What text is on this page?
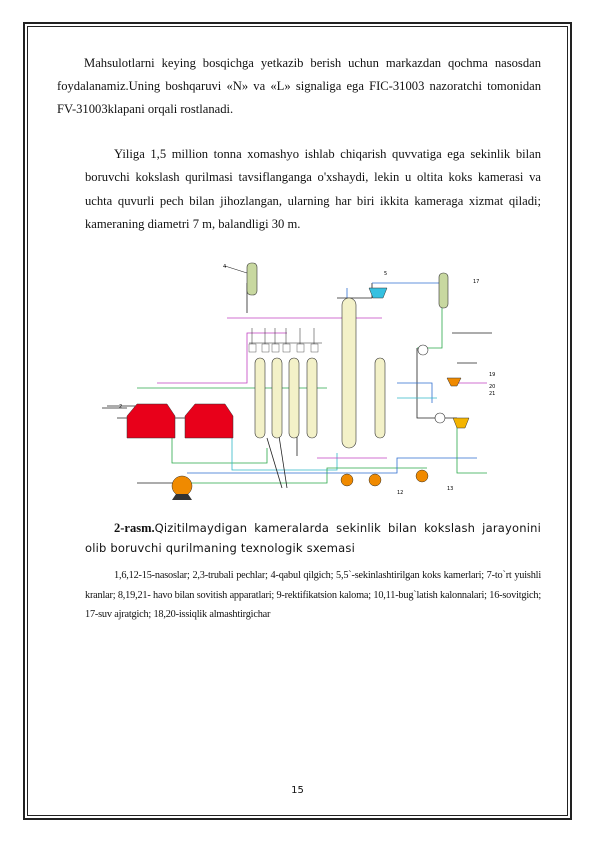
Mahsulotlarni keying bosqichga yetkazib berish uchun markazdan qochma nasosdan foydalanamiz.Uning boshqaruvi «N» va «L» signaliga ega FIC-31003 nazoratchi tomonidan FV-31003klapani orqali rostlanadi.
Yiliga 1,5 million tonna xomashyo ishlab chiqarish quvvatiga ega sekinlik bilan boruvchi kokslash qurilmasi tavsiflanganga o'xshaydi, lekin u oltita koks kamerasi va uchta quvurli pech bilan jihozlangan, ularning har biri ikkita kameraga xizmat qiladi; kameraning diametri 7 m, balandligi 30 m.
4
5
17
19
20
21
2
12
13
2-rasm.Qizitilmaydigan kameralarda sekinlik bilan kokslash jarayonini olib boruvchi qurilmaning texnologik sxemasi
1,6,12-15-nasoslar; 2,3-trubali pechlar; 4-qabul qilgich; 5,5`-sekinlashtirilgan koks kamerlari; 7-to`rt yuishli kranlar; 8,19,21- havo bilan sovitish apparatlari; 9-rektifikatsion kaloma; 10,11-bug`latish kalonnalari; 16-sovitgich; 17-suv ajratgich; 18,20-issiqlik almashtirgichar
15
